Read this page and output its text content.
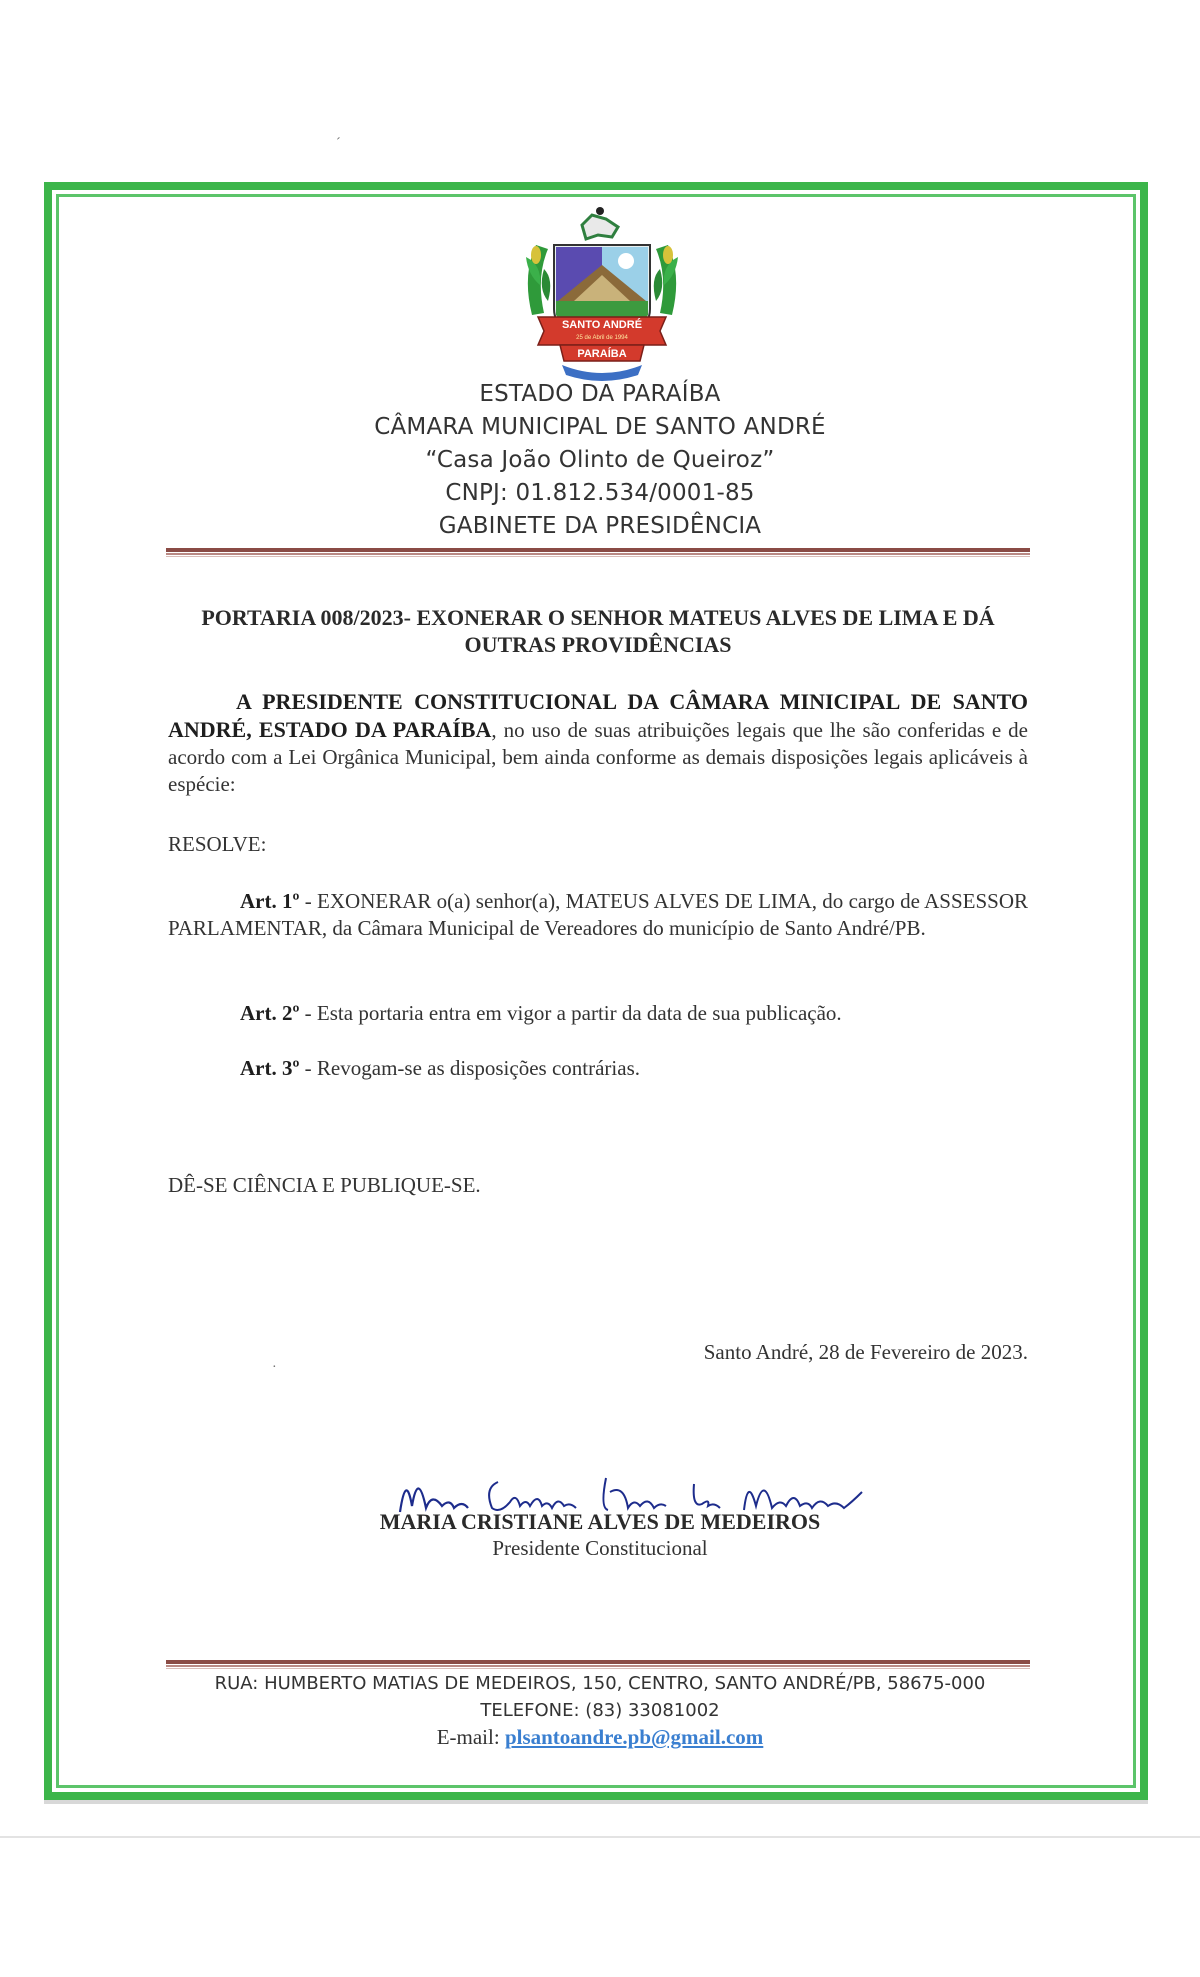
ˊ
·
SANTO ANDRÉ
25 de Abril de 1994
PARAÍBA
ESTADO DA PARAÍBA
CÂMARA MUNICIPAL DE SANTO ANDRÉ
“Casa João Olinto de Queiroz”
CNPJ: 01.812.534/0001-85
GABINETE DA PRESIDÊNCIA
PORTARIA 008/2023- EXONERAR O SENHOR MATEUS ALVES DE LIMA E DÁ OUTRAS PROVIDÊNCIAS
A PRESIDENTE CONSTITUCIONAL DA CÂMARA MINICIPAL DE SANTO ANDRÉ, ESTADO DA PARAÍBA, no uso de suas atribuições legais que lhe são conferidas e de acordo com a Lei Orgânica Municipal, bem ainda conforme as demais disposições legais aplicáveis à espécie:
RESOLVE:
Art. 1º - EXONERAR o(a) senhor(a), MATEUS ALVES DE LIMA, do cargo de ASSESSOR PARLAMENTAR, da Câmara Municipal de Vereadores do município de Santo André/PB.
Art. 2º - Esta portaria entra em vigor a partir da data de sua publicação.
Art. 3º - Revogam-se as disposições contrárias.
DÊ-SE CIÊNCIA E PUBLIQUE-SE.
Santo André, 28 de Fevereiro de 2023.
MARIA CRISTIANE ALVES DE MEDEIROS
Presidente Constitucional
RUA: HUMBERTO MATIAS DE MEDEIROS, 150, CENTRO, SANTO ANDRÉ/PB, 58675-000
TELEFONE: (83) 33081002
E-mail: plsantoandre.pb@gmail.com
